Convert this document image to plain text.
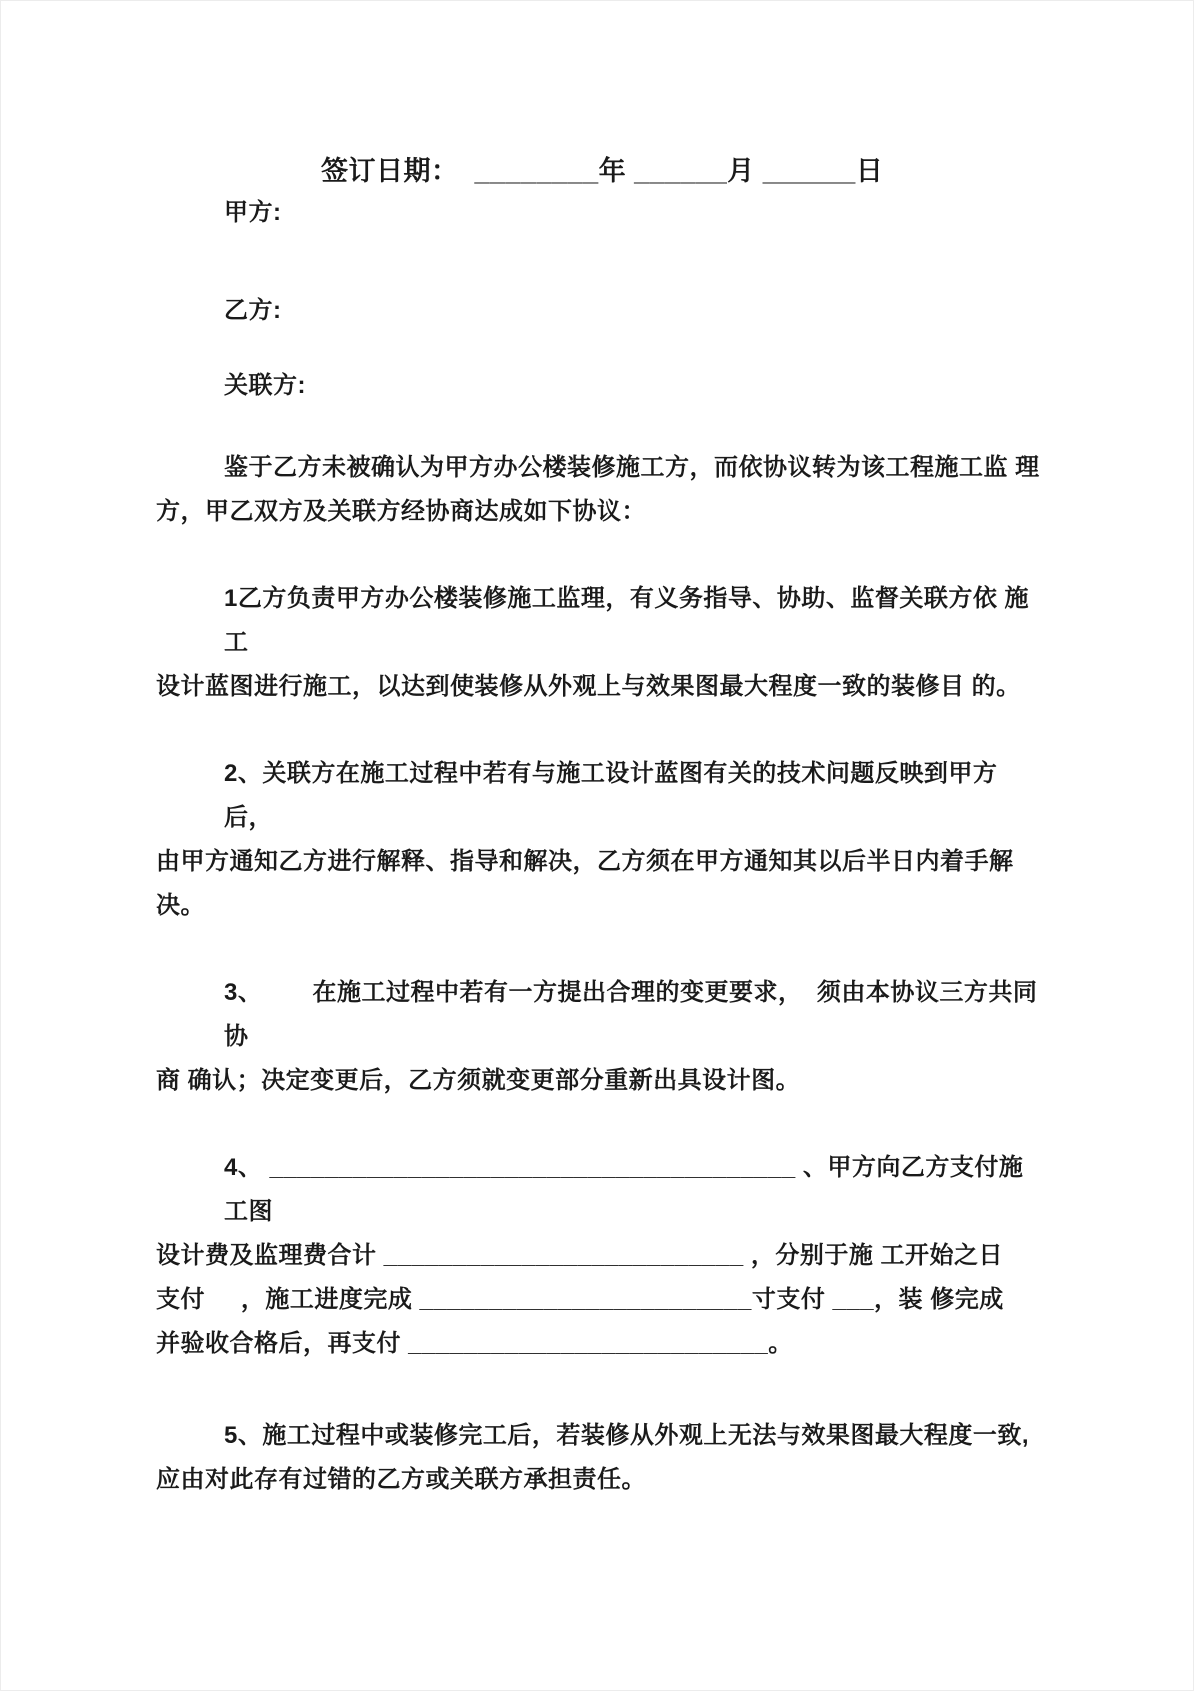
签订日期：  ________年 ______月 ______日
甲方:
乙方:
关联方:
鉴于乙方未被确认为甲方办公楼装修施工方，而依协议转为该工程施工监 理
方，甲乙双方及关联方经协商达成如下协议：
1乙方负责甲方办公楼装修施工监理，有义务指导、协助、监督关联方依 施工
设计蓝图进行施工，以达到使装修从外观上与效果图最大程度一致的装修目 的。
2、关联方在施工过程中若有与施工设计蓝图有关的技术问题反映到甲方后，
由甲方通知乙方进行解释、指导和解决，乙方须在甲方通知其以后半日内着手解
决。
3、       在施工过程中若有一方提出合理的变更要求，  须由本协议三方共同协
商 确认；决定变更后，乙方须就变更部分重新出具设计图。
4、 ______________________________________ 、甲方向乙方支付施工图
设计费及监理费合计 __________________________ ，分别于施 工开始之日
支付     ，施工进度完成 ________________________寸支付 ___，装 修完成
并验收合格后，再支付 __________________________。
5、施工过程中或装修完工后，若装修从外观上无法与效果图最大程度一致,
应由对此存有过错的乙方或关联方承担责任。
